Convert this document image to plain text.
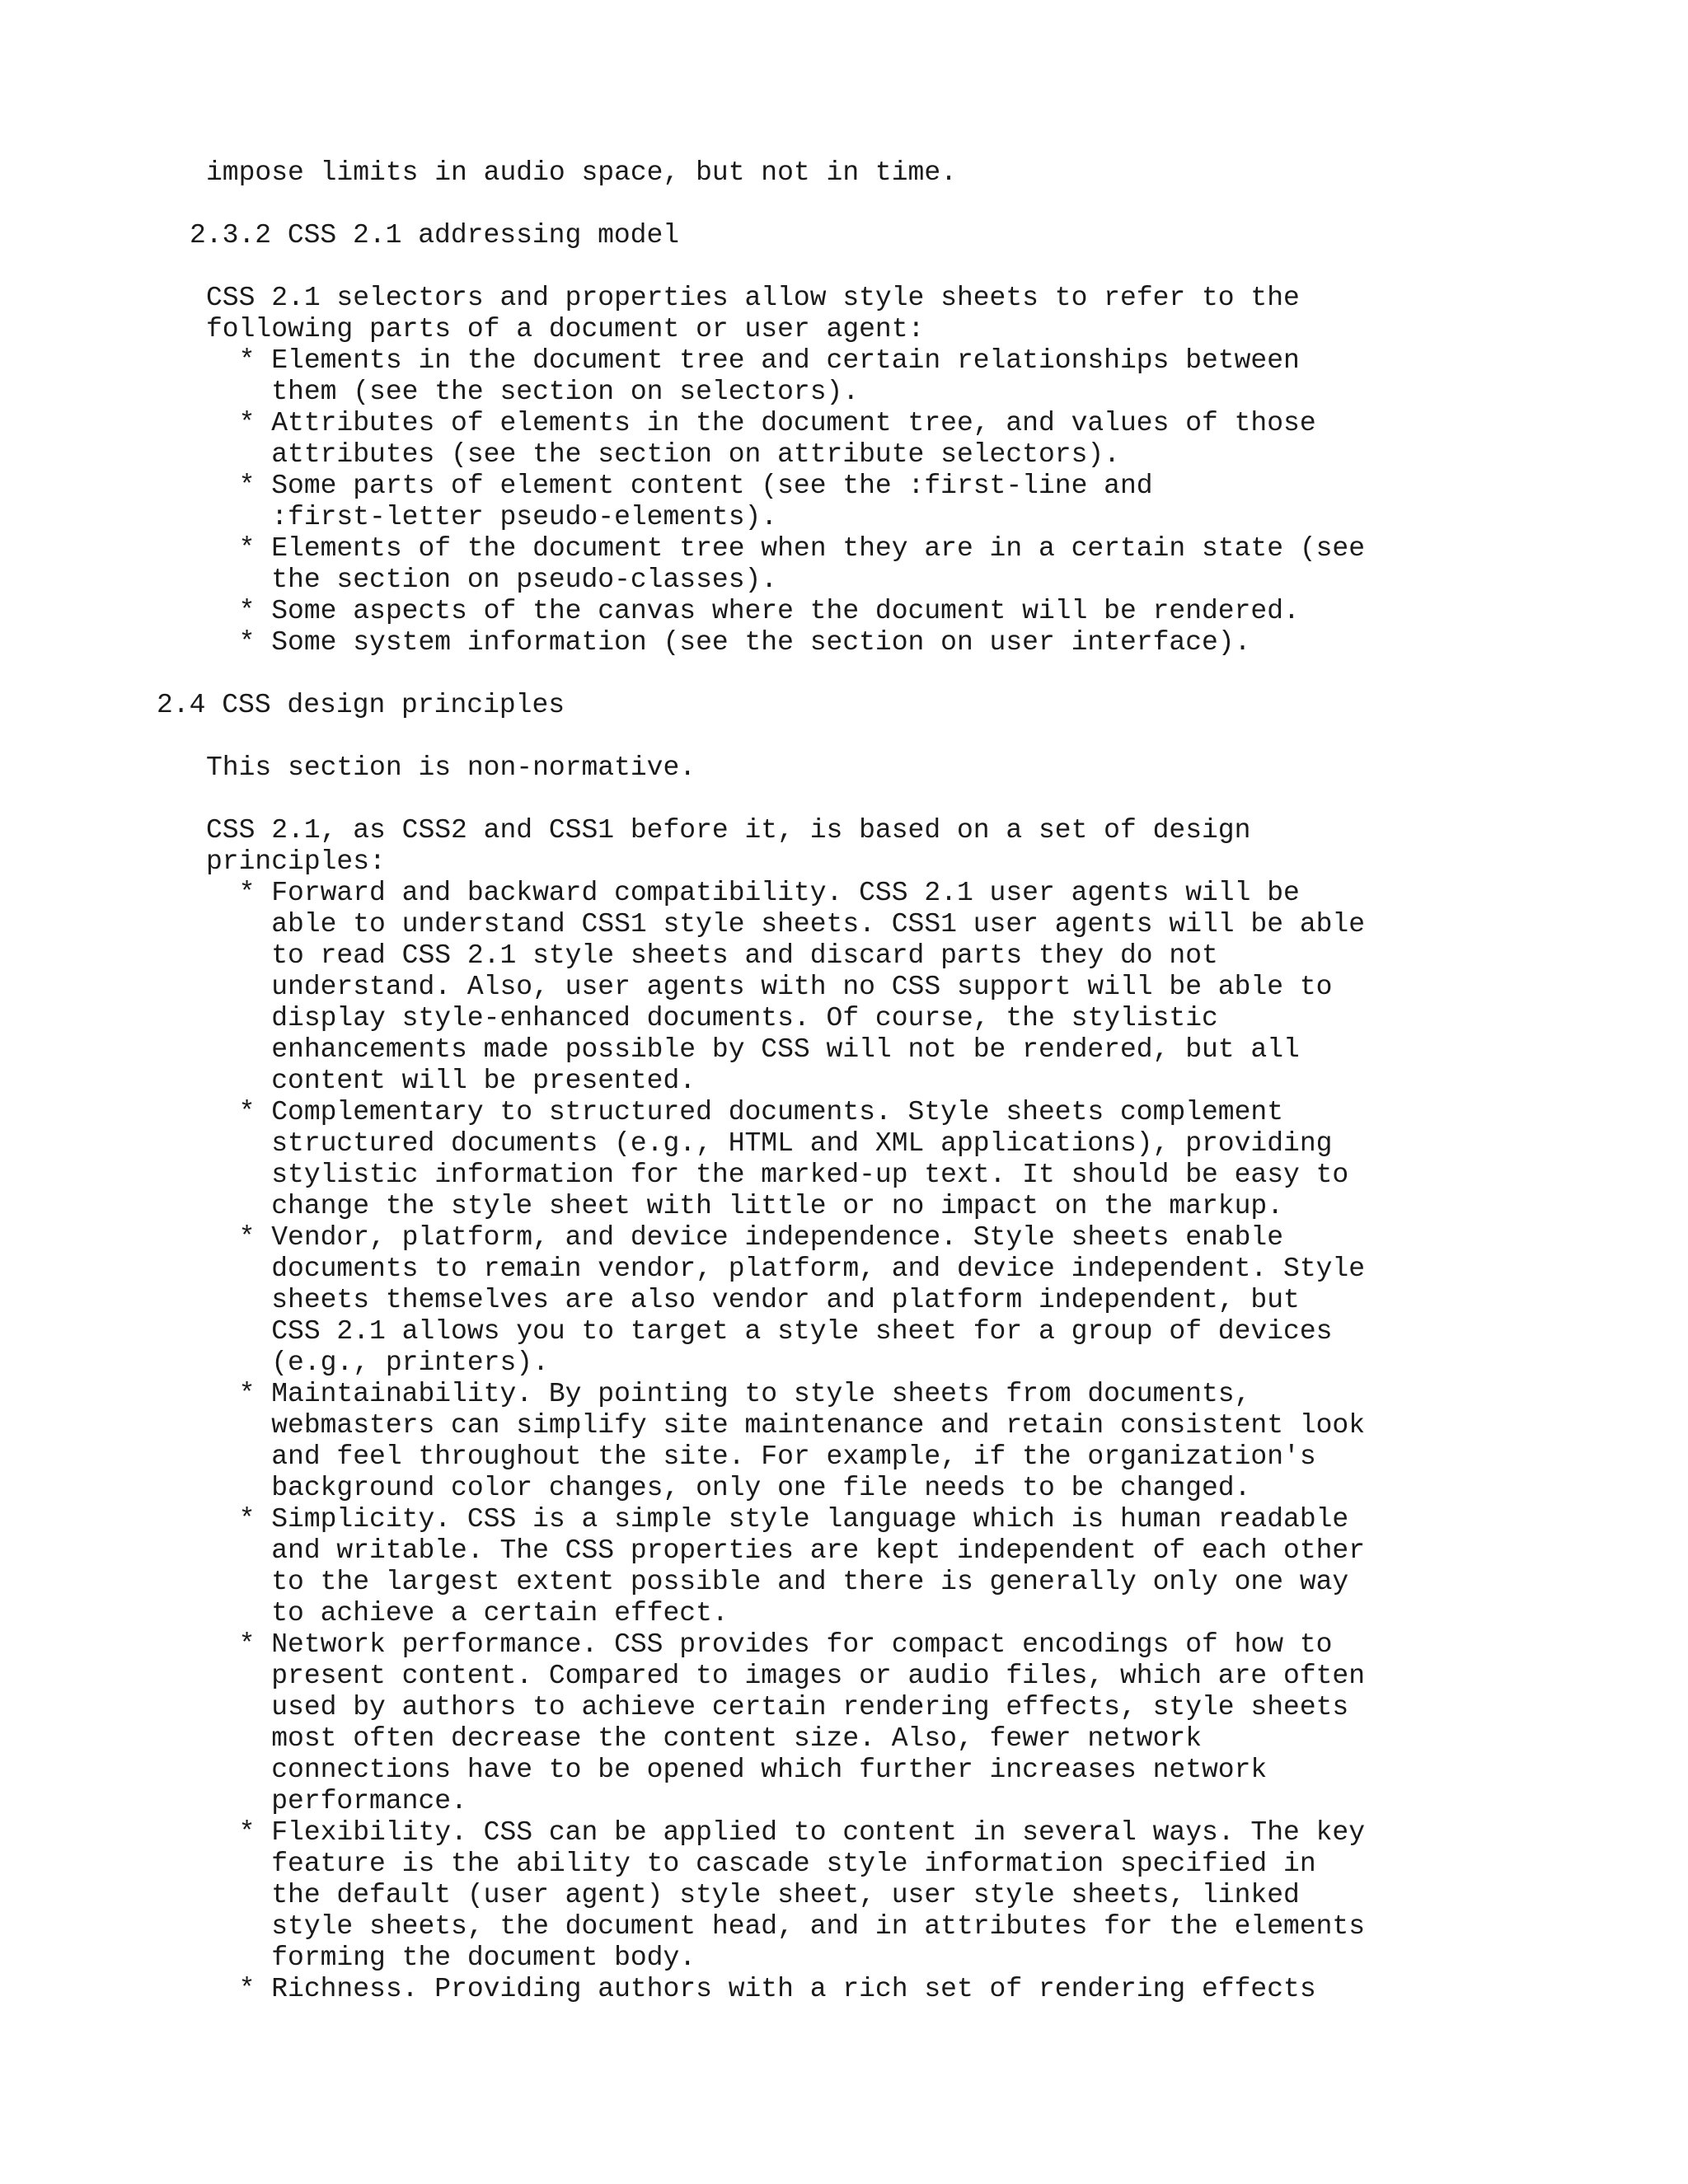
impose limits in audio space, but not in time.

2.3.2 CSS 2.1 addressing model

CSS 2.1 selectors and properties allow style sheets to refer to the

following parts of a document or user agent:

* Elements in the document tree and certain relationships between

them (see the section on selectors).

* Attributes of elements in the document tree, and values of those

attributes (see the section on attribute selectors).

* Some parts of element content (see the :first-line and

:first-letter pseudo-elements).

* Elements of the document tree when they are in a certain state (see

the section on pseudo-classes).

* Some aspects of the canvas where the document will be rendered.

* Some system information (see the section on user interface).

2.4 CSS design principles

This section is non-normative.

CSS 2.1, as CSS2 and CSS1 before it, is based on a set of design

principles:

* Forward and backward compatibility. CSS 2.1 user agents will be

able to understand CSS1 style sheets. CSS1 user agents will be able

to read CSS 2.1 style sheets and discard parts they do not

understand. Also, user agents with no CSS support will be able to

display style-enhanced documents. Of course, the stylistic

enhancements made possible by CSS will not be rendered, but all

content will be presented.

* Complementary to structured documents. Style sheets complement

structured documents (e.g., HTML and XML applications), providing

stylistic information for the marked-up text. It should be easy to

change the style sheet with little or no impact on the markup.

* Vendor, platform, and device independence. Style sheets enable

documents to remain vendor, platform, and device independent. Style

sheets themselves are also vendor and platform independent, but

CSS 2.1 allows you to target a style sheet for a group of devices

(e.g., printers).

* Maintainability. By pointing to style sheets from documents,

webmasters can simplify site maintenance and retain consistent look

and feel throughout the site. For example, if the organization's

background color changes, only one file needs to be changed.

* Simplicity. CSS is a simple style language which is human readable

and writable. The CSS properties are kept independent of each other

to the largest extent possible and there is generally only one way

to achieve a certain effect.

* Network performance. CSS provides for compact encodings of how to

present content. Compared to images or audio files, which are often

used by authors to achieve certain rendering effects, style sheets

most often decrease the content size. Also, fewer network

connections have to be opened which further increases network

performance.

* Flexibility. CSS can be applied to content in several ways. The key

feature is the ability to cascade style information specified in

the default (user agent) style sheet, user style sheets, linked

style sheets, the document head, and in attributes for the elements

forming the document body.

* Richness. Providing authors with a rich set of rendering effects
